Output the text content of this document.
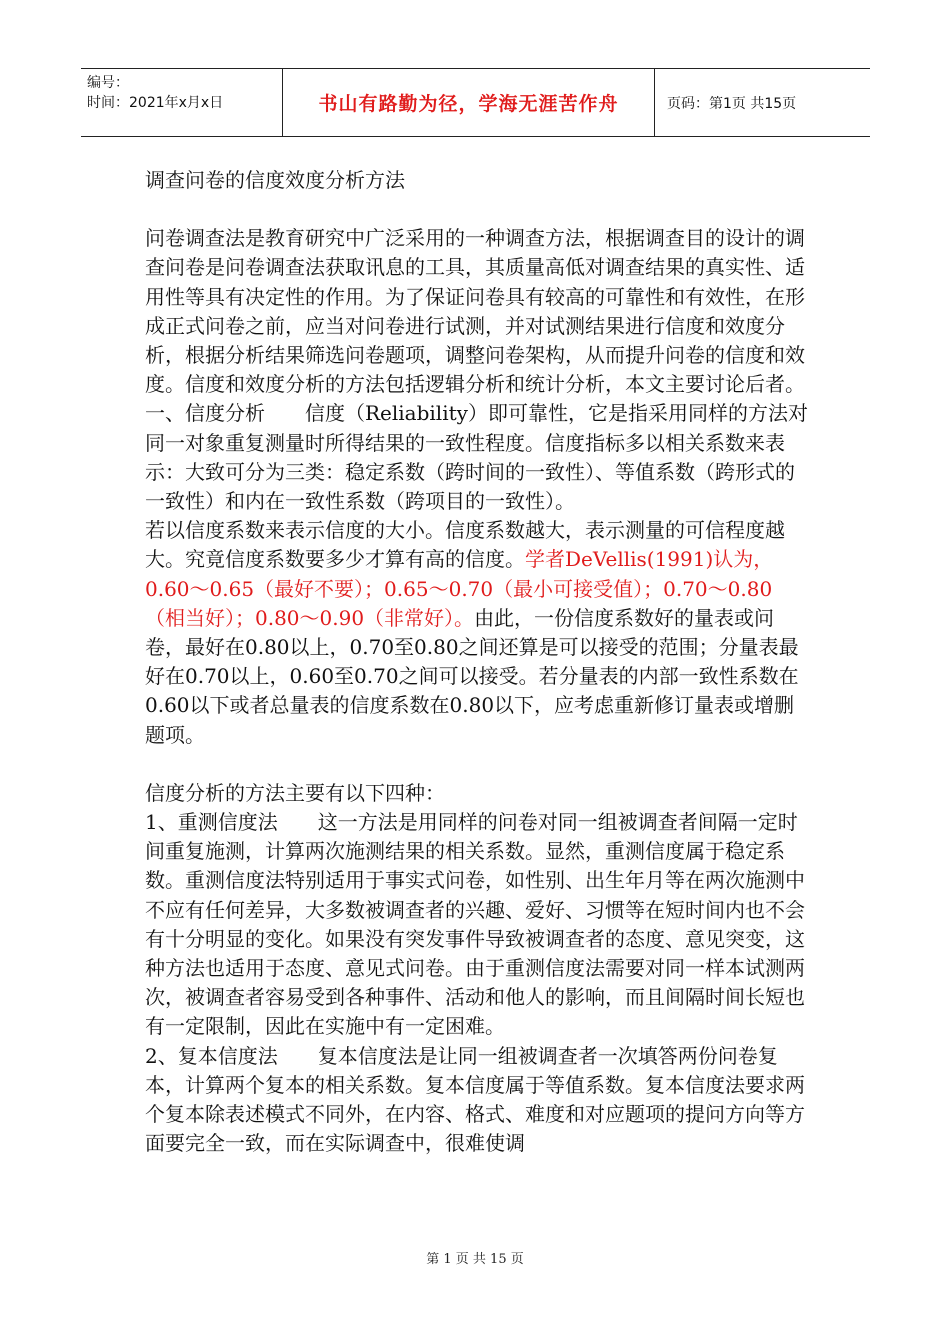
编号：
时间：2021年x月x日	书山有路勤为径，学海无涯苦作舟	页码：第1页 共15页

调查问卷的信度效度分析方法

问卷调查法是教育研究中广泛采用的一种调查方法，根据调查目的设计的调查问卷是问卷调查法获取讯息的工具，其质量高低对调查结果的真实性、适用性等具有决定性的作用。为了保证问卷具有较高的可靠性和有效性，在形成正式问卷之前，应当对问卷进行试测，并对试测结果进行信度和效度分析，根据分析结果筛选问卷题项，调整问卷架构，从而提升问卷的信度和效度。信度和效度分析的方法包括逻辑分析和统计分析，本文主要讨论后者。

一、信度分析　　信度（Reliability）即可靠性，它是指采用同样的方法对同一对象重复测量时所得结果的一致性程度。信度指标多以相关系数来表示：大致可分为三类：稳定系数（跨时间的一致性）、等值系数（跨形式的一致性）和内在一致性系数（跨项目的一致性）。

若以信度系数来表示信度的大小。信度系数越大，表示测量的可信程度越大。究竟信度系数要多少才算有高的信度。学者DeVellis(1991)认为，0.60～0.65（最好不要）；0.65～0.70（最小可接受值）；0.70～0.80（相当好）；0.80～0.90（非常好）。由此，一份信度系数好的量表或问卷，最好在0.80以上，0.70至0.80之间还算是可以接受的范围；分量表最好在0.70以上，0.60至0.70之间可以接受。若分量表的内部一致性系数在0.60以下或者总量表的信度系数在0.80以下，应考虑重新修订量表或增删题项。

信度分析的方法主要有以下四种：

1、重测信度法　　这一方法是用同样的问卷对同一组被调查者间隔一定时间重复施测，计算两次施测结果的相关系数。显然，重测信度属于稳定系数。重测信度法特别适用于事实式问卷，如性别、出生年月等在两次施测中不应有任何差异，大多数被调查者的兴趣、爱好、习惯等在短时间内也不会有十分明显的变化。如果没有突发事件导致被调查者的态度、意见突变，这种方法也适用于态度、意见式问卷。由于重测信度法需要对同一样本试测两次，被调查者容易受到各种事件、活动和他人的影响，而且间隔时间长短也有一定限制，因此在实施中有一定困难。

2、复本信度法　　复本信度法是让同一组被调查者一次填答两份问卷复本，计算两个复本的相关系数。复本信度属于等值系数。复本信度法要求两个复本除表述模式不同外，在内容、格式、难度和对应题项的提问方向等方面要完全一致，而在实际调查中，很难使调

第 1 页 共 15 页
